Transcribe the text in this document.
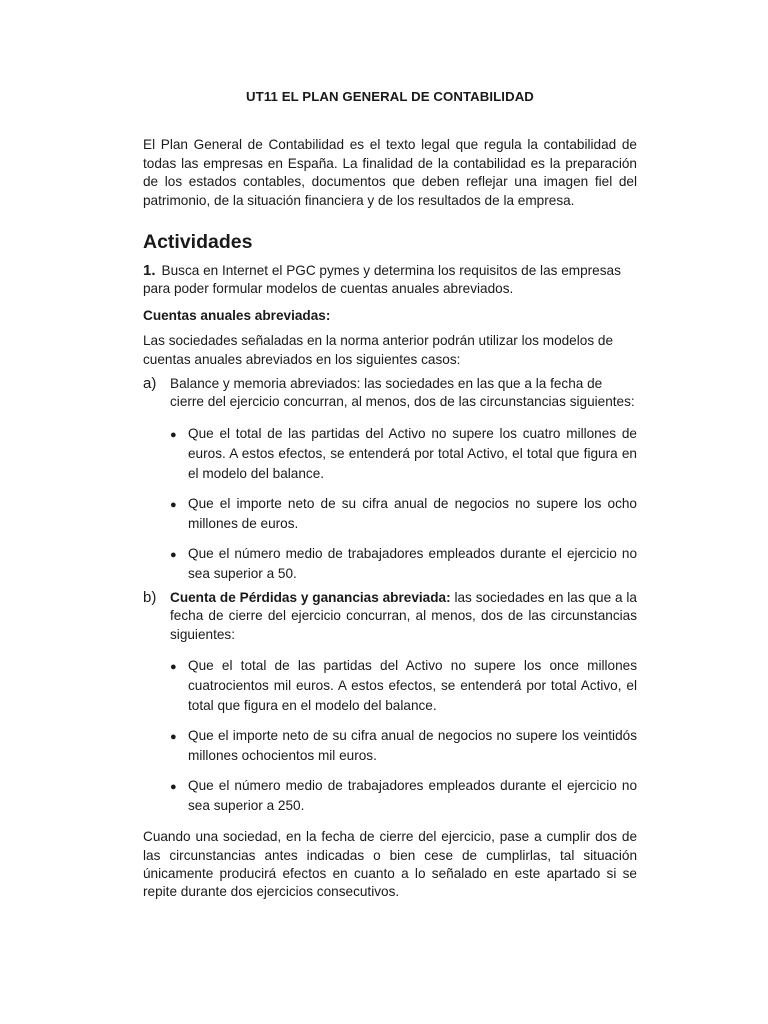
UT11 EL PLAN GENERAL DE CONTABILIDAD

El Plan General de Contabilidad es el texto legal que regula la contabilidad de todas las empresas en España. La finalidad de la contabilidad es la preparación de los estados contables, documentos que deben reflejar una imagen fiel del patrimonio, de la situación financiera y de los resultados de la empresa.

Actividades

1. Busca en Internet el PGC pymes y determina los requisitos de las empresas para poder formular modelos de cuentas anuales abreviados.

Cuentas anuales abreviadas:

Las sociedades señaladas en la norma anterior podrán utilizar los modelos de cuentas anuales abreviados en los siguientes casos:

a)	Balance y memoria abreviados: las sociedades en las que a la fecha de cierre del ejercicio concurran, al menos, dos de las circunstancias siguientes:
● Que el total de las partidas del Activo no supere los cuatro millones de euros. A estos efectos, se entenderá por total Activo, el total que figura en el modelo del balance.
● Que el importe neto de su cifra anual de negocios no supere los ocho millones de euros.
● Que el número medio de trabajadores empleados durante el ejercicio no sea superior a 50.
b)	Cuenta de Pérdidas y ganancias abreviada: las sociedades en las que a la fecha de cierre del ejercicio concurran, al menos, dos de las circunstancias siguientes:
● Que el total de las partidas del Activo no supere los once millones cuatrocientos mil euros. A estos efectos, se entenderá por total Activo, el total que figura en el modelo del balance.
● Que el importe neto de su cifra anual de negocios no supere los veintidós millones ochocientos mil euros.
● Que el número medio de trabajadores empleados durante el ejercicio no sea superior a 250.

Cuando una sociedad, en la fecha de cierre del ejercicio, pase a cumplir dos de las circunstancias antes indicadas o bien cese de cumplirlas, tal situación únicamente producirá efectos en cuanto a lo señalado en este apartado si se repite durante dos ejercicios consecutivos.
